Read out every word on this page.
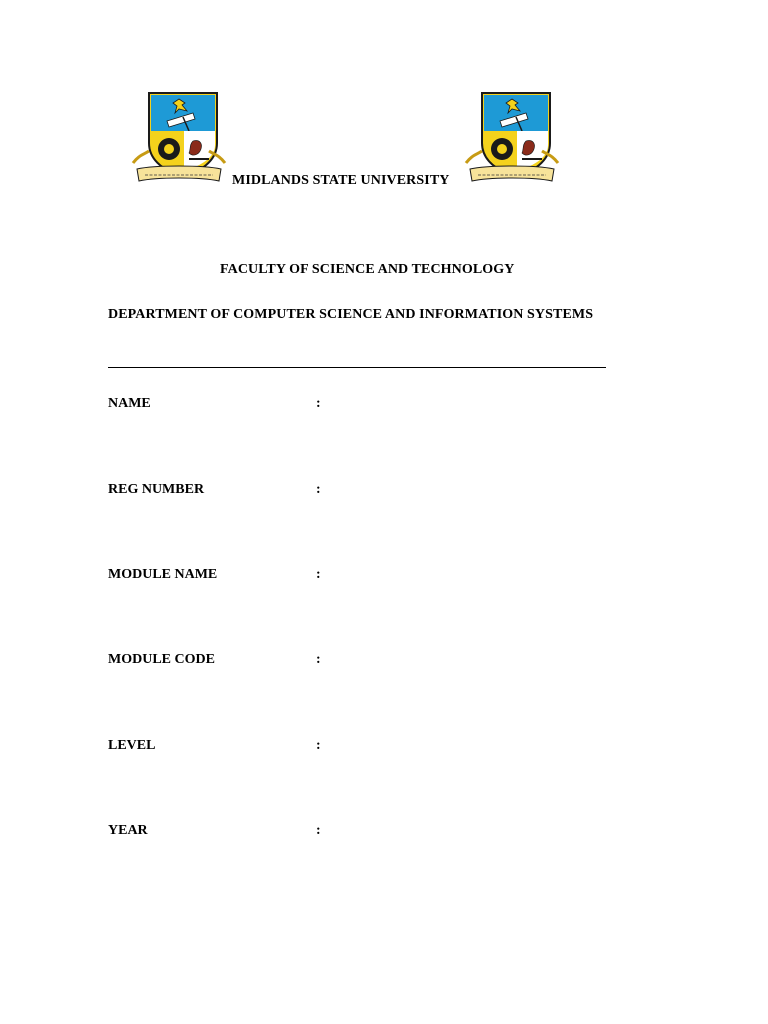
MIDLANDS STATE UNIVERSITY
FACULTY OF SCIENCE AND TECHNOLOGY
DEPARTMENT OF COMPUTER SCIENCE AND INFORMATION SYSTEMS
NAME	:
REG NUMBER	:
MODULE NAME	:
MODULE CODE	:
LEVEL	:
YEAR	:
